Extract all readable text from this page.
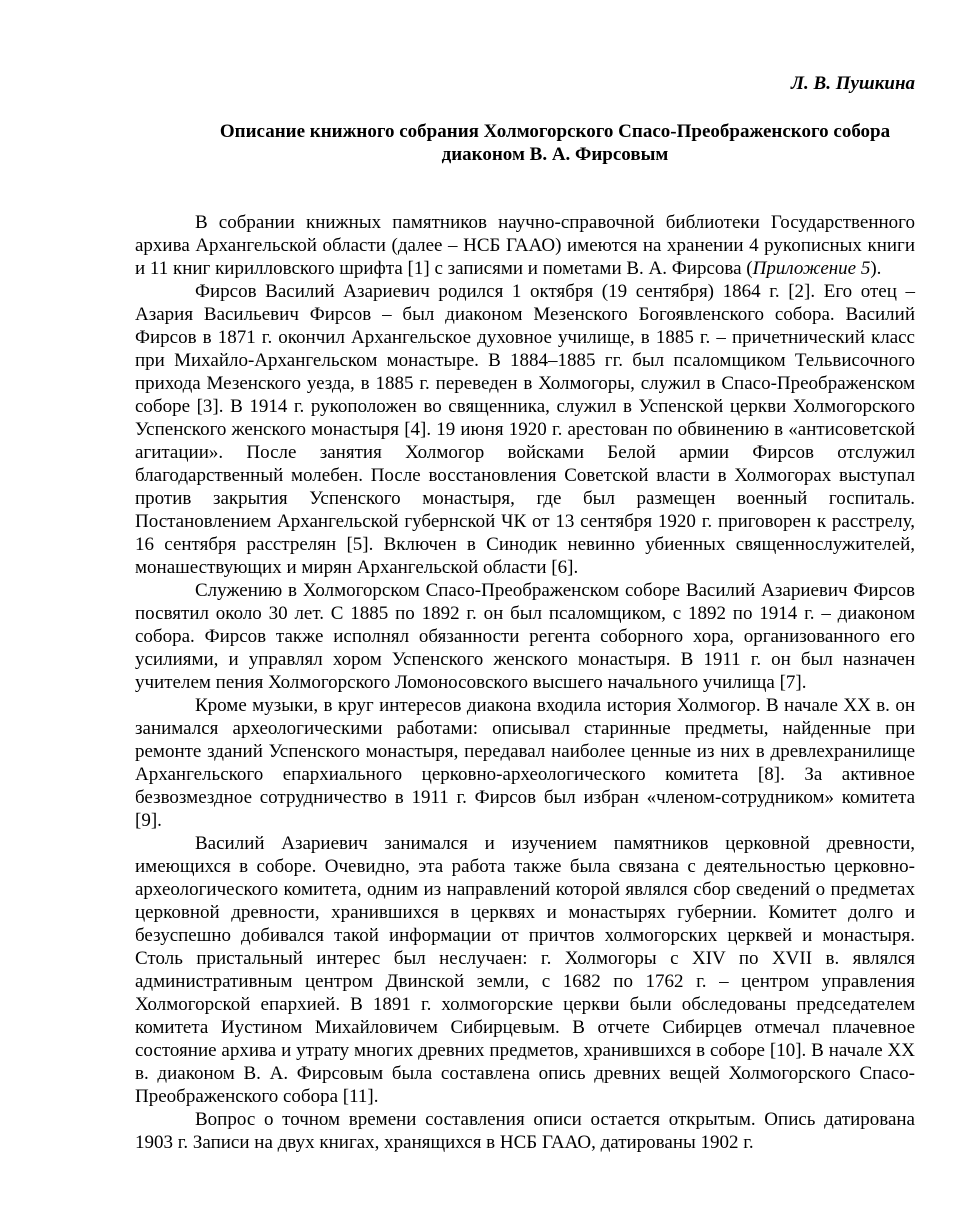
Л. В. Пушкина

Описание книжного собрания Холмогорского Спасо-Преображенского собора
диаконом В. А. Фирсовым

В собрании книжных памятников научно-справочной библиотеки Государственного архива Архангельской области (далее – НСБ ГААО) имеются на хранении 4 рукописных книги и 11 книг кирилловского шрифта [1] с записями и пометами В. А. Фирсова (Приложение 5).

Фирсов Василий Азариевич родился 1 октября (19 сентября) 1864 г. [2]. Его отец – Азария Васильевич Фирсов – был диаконом Мезенского Богоявленского собора. Василий Фирсов в 1871 г. окончил Архангельское духовное училище, в 1885 г. – причетнический класс при Михайло-Архангельском монастыре. В 1884–1885 гг. был псаломщиком Тельвисочного прихода Мезенского уезда, в 1885 г. переведен в Холмогоры, служил в Спасо-Преображенском соборе [3]. В 1914 г. рукоположен во священника, служил в Успенской церкви Холмогорского Успенского женского монастыря [4]. 19 июня 1920 г. арестован по обвинению в «антисоветской агитации». После занятия Холмогор войсками Белой армии Фирсов отслужил благодарственный молебен. После восстановления Советской власти в Холмогорах выступал против закрытия Успенского монастыря, где был размещен военный госпиталь. Постановлением Архангельской губернской ЧК от 13 сентября 1920 г. приговорен к расстрелу, 16 сентября расстрелян [5]. Включен в Синодик невинно убиенных священнослужителей, монашествующих и мирян Архангельской области [6].

Служению в Холмогорском Спасо-Преображенском соборе Василий Азариевич Фирсов посвятил около 30 лет. С 1885 по 1892 г. он был псаломщиком, с 1892 по 1914 г. – диаконом собора. Фирсов также исполнял обязанности регента соборного хора, организованного его усилиями, и управлял хором Успенского женского монастыря. В 1911 г. он был назначен учителем пения Холмогорского Ломоносовского высшего начального училища [7].

Кроме музыки, в круг интересов диакона входила история Холмогор. В начале XX в. он занимался археологическими работами: описывал старинные предметы, найденные при ремонте зданий Успенского монастыря, передавал наиболее ценные из них в древлехранилище Архангельского епархиального церковно-археологического комитета [8]. За активное безвозмездное сотрудничество в 1911 г. Фирсов был избран «членом-сотрудником» комитета [9].

Василий Азариевич занимался и изучением памятников церковной древности, имеющихся в соборе. Очевидно, эта работа также была связана с деятельностью церковно-археологического комитета, одним из направлений которой являлся сбор сведений о предметах церковной древности, хранившихся в церквях и монастырях губернии. Комитет долго и безуспешно добивался такой информации от причтов холмогорских церквей и монастыря. Столь пристальный интерес был неслучаен: г. Холмогоры с XIV по XVII в. являлся административным центром Двинской земли, с 1682 по 1762 г. – центром управления Холмогорской епархией. В 1891 г. холмогорские церкви были обследованы председателем комитета Иустином Михайловичем Сибирцевым. В отчете Сибирцев отмечал плачевное состояние архива и утрату многих древних предметов, хранившихся в соборе [10]. В начале XX в. диаконом В. А. Фирсовым была составлена опись древних вещей Холмогорского Спасо-Преображенского собора [11].

Вопрос о точном времени составления описи остается открытым. Опись датирована 1903 г. Записи на двух книгах, хранящихся в НСБ ГААО, датированы 1902 г.
